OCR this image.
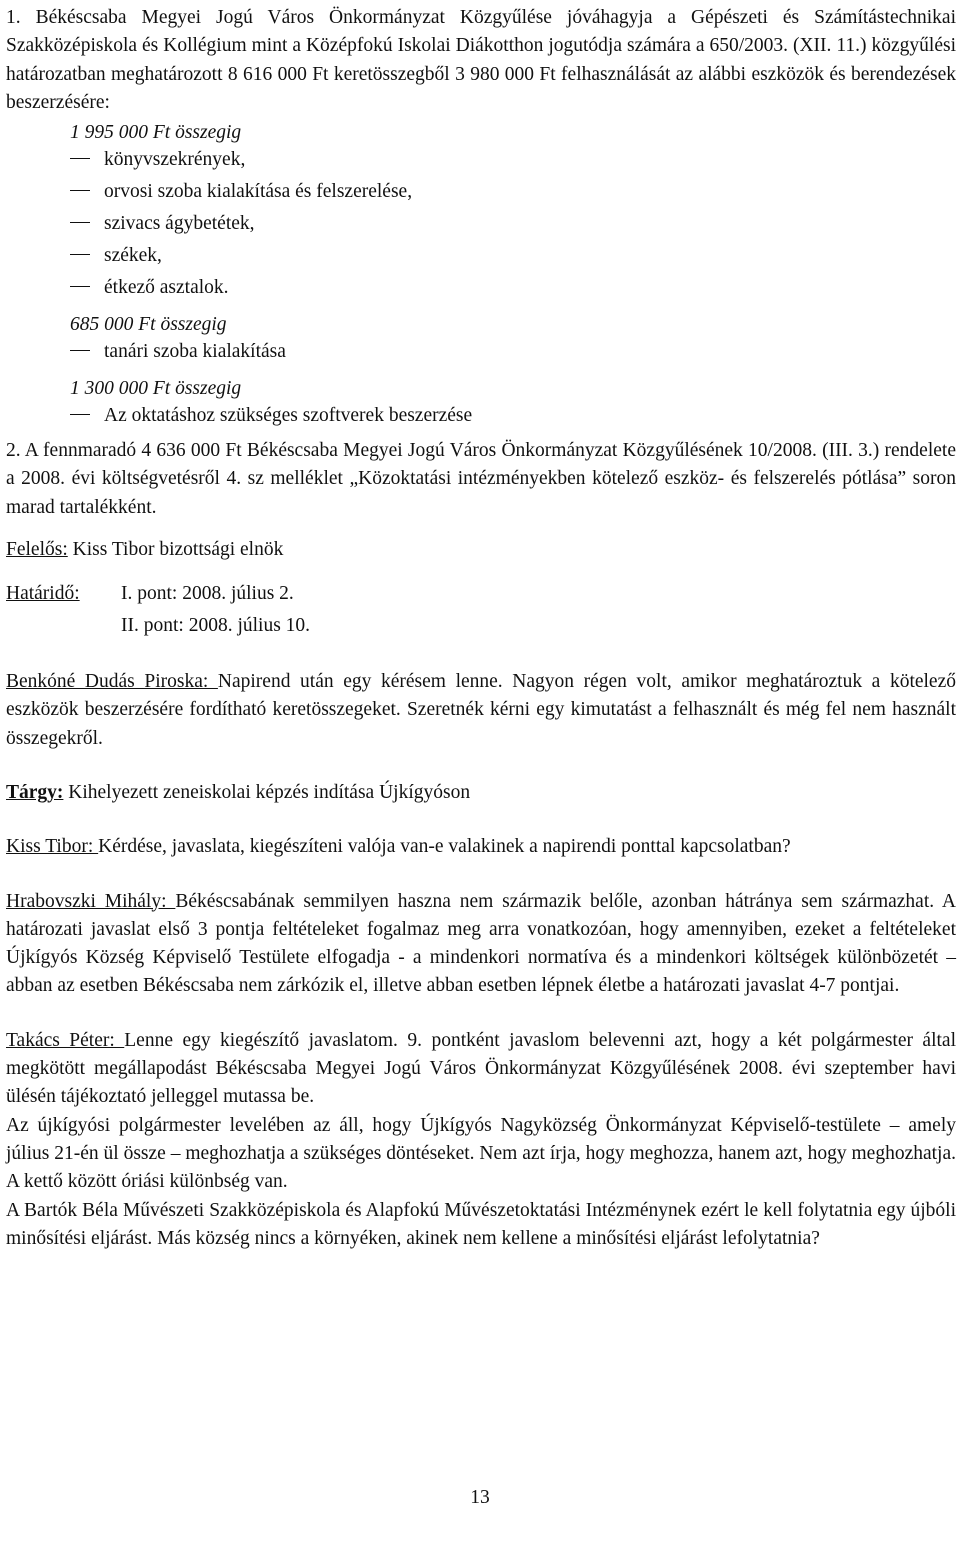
1. Békéscsaba Megyei Jogú Város Önkormányzat Közgyűlése jóváhagyja a Gépészeti és Számítástechnikai Szakközépiskola és Kollégium mint a Középfokú Iskolai Diákotthon jogutódja számára a 650/2003. (XII. 11.) közgyűlési határozatban meghatározott 8 616 000 Ft keretösszegből 3 980 000 Ft felhasználását az alábbi eszközök és berendezések beszerzésére:

1 995 000 Ft összegig
könyvszekrények,
orvosi szoba kialakítása és felszerelése,
szivacs ágybetétek,
székek,
étkező asztalok.
685 000 Ft összegig
tanári szoba kialakítása
1 300 000 Ft összegig
Az oktatáshoz szükséges szoftverek beszerzése

2. A fennmaradó 4 636 000 Ft Békéscsaba Megyei Jogú Város Önkormányzat Közgyűlésének 10/2008. (III. 3.) rendelete a 2008. évi költségvetésről 4. sz melléklet „Közoktatási intézményekben kötelező eszköz- és felszerelés pótlása” soron marad tartalékként.

Felelős: Kiss Tibor bizottsági elnök
Határidő:	I. pont: 2008. július 2.
II. pont: 2008. július 10.

Benkóné Dudás Piroska: Napirend után egy kérésem lenne. Nagyon régen volt, amikor meghatároztuk a kötelező eszközök beszerzésére fordítható keretösszegeket. Szeretnék kérni egy kimutatást a felhasznált és még fel nem használt összegekről.

Tárgy: Kihelyezett zeneiskolai képzés indítása Újkígyóson

Kiss Tibor: Kérdése, javaslata, kiegészíteni valója van-e valakinek a napirendi ponttal kapcsolatban?

Hrabovszki Mihály: Békéscsabának semmilyen haszna nem származik belőle, azonban hátránya sem származhat. A határozati javaslat első 3 pontja feltételeket fogalmaz meg arra vonatkozóan, hogy amennyiben, ezeket a feltételeket Újkígyós Község Képviselő Testülete elfogadja - a mindenkori normatíva és a mindenkori költségek különbözetét – abban az esetben Békéscsaba nem zárkózik el, illetve abban esetben lépnek életbe a határozati javaslat 4-7 pontjai.

Takács Péter: Lenne egy kiegészítő javaslatom. 9. pontként javaslom belevenni azt, hogy a két polgármester által megkötött megállapodást Békéscsaba Megyei Jogú Város Önkormányzat Közgyűlésének 2008. évi szeptember havi ülésén tájékoztató jelleggel mutassa be.

Az újkígyósi polgármester levelében az áll, hogy Újkígyós Nagyközség Önkormányzat Képviselő-testülete – amely július 21-én ül össze – meghozhatja a szükséges döntéseket. Nem azt írja, hogy meghozza, hanem azt, hogy meghozhatja. A kettő között óriási különbség van.

A Bartók Béla Művészeti Szakközépiskola és Alapfokú Művészetoktatási Intézménynek ezért le kell folytatnia egy újbóli minősítési eljárást. Más község nincs a környéken, akinek nem kellene a minősítési eljárást lefolytatnia?

13
